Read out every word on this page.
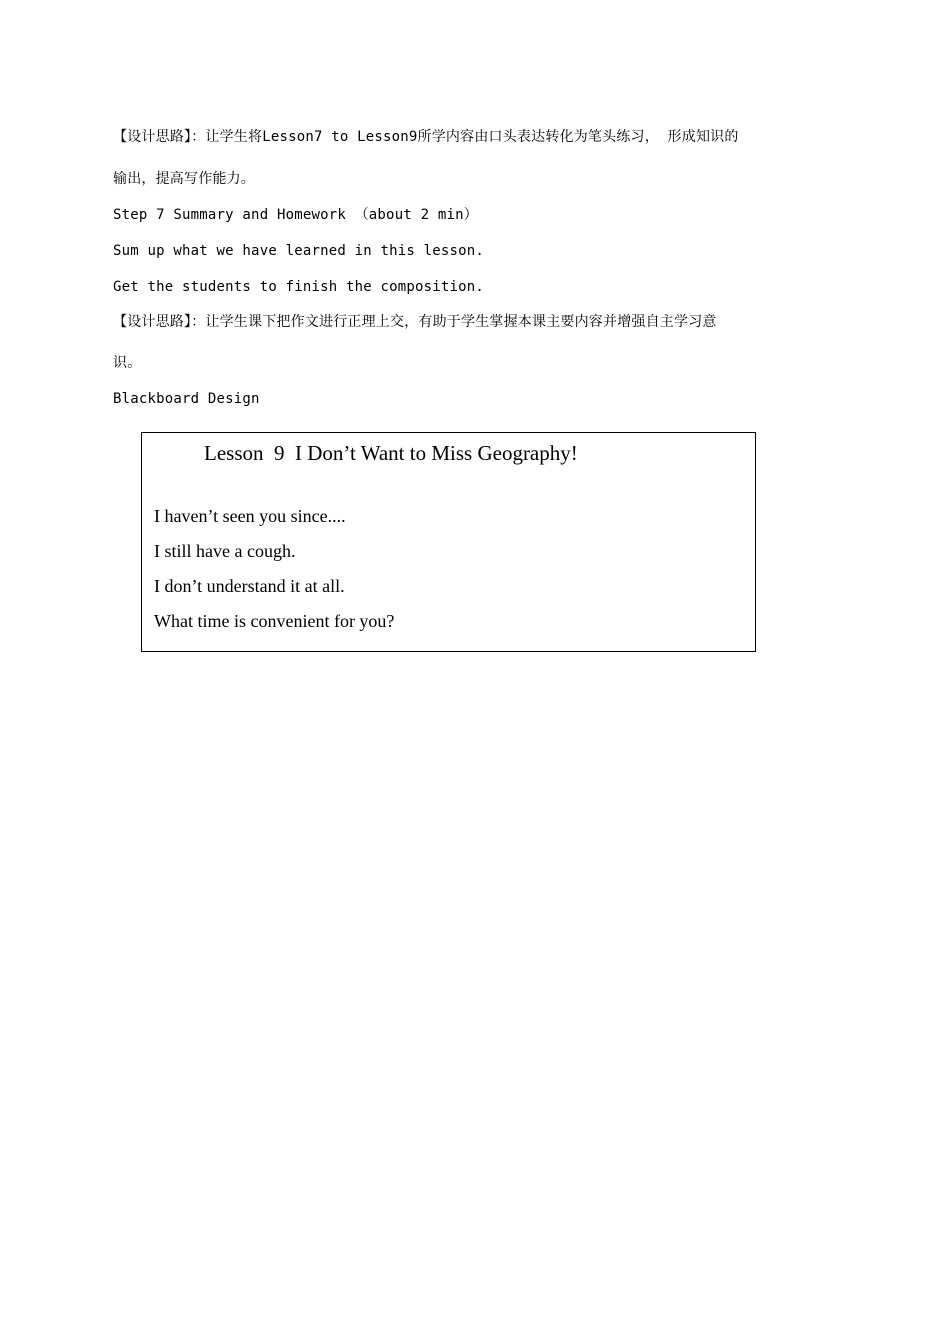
【设计思路】：让学生将Lesson7 to Lesson9所学内容由口头表达转化为笔头练习， 形成知识的
输出，提高写作能力。
Step 7 Summary and Homework （about 2 min）
Sum up what we have learned in this lesson.
Get the students to finish the composition.
【设计思路】：让学生课下把作文进行正理上交，有助于学生掌握本课主要内容并增强自主学习意
识。
Blackboard Design
Lesson  9  I Don’t Want to Miss Geography!
I haven’t seen you since....
I still have a cough.
I don’t understand it at all.
What time is convenient for you?
